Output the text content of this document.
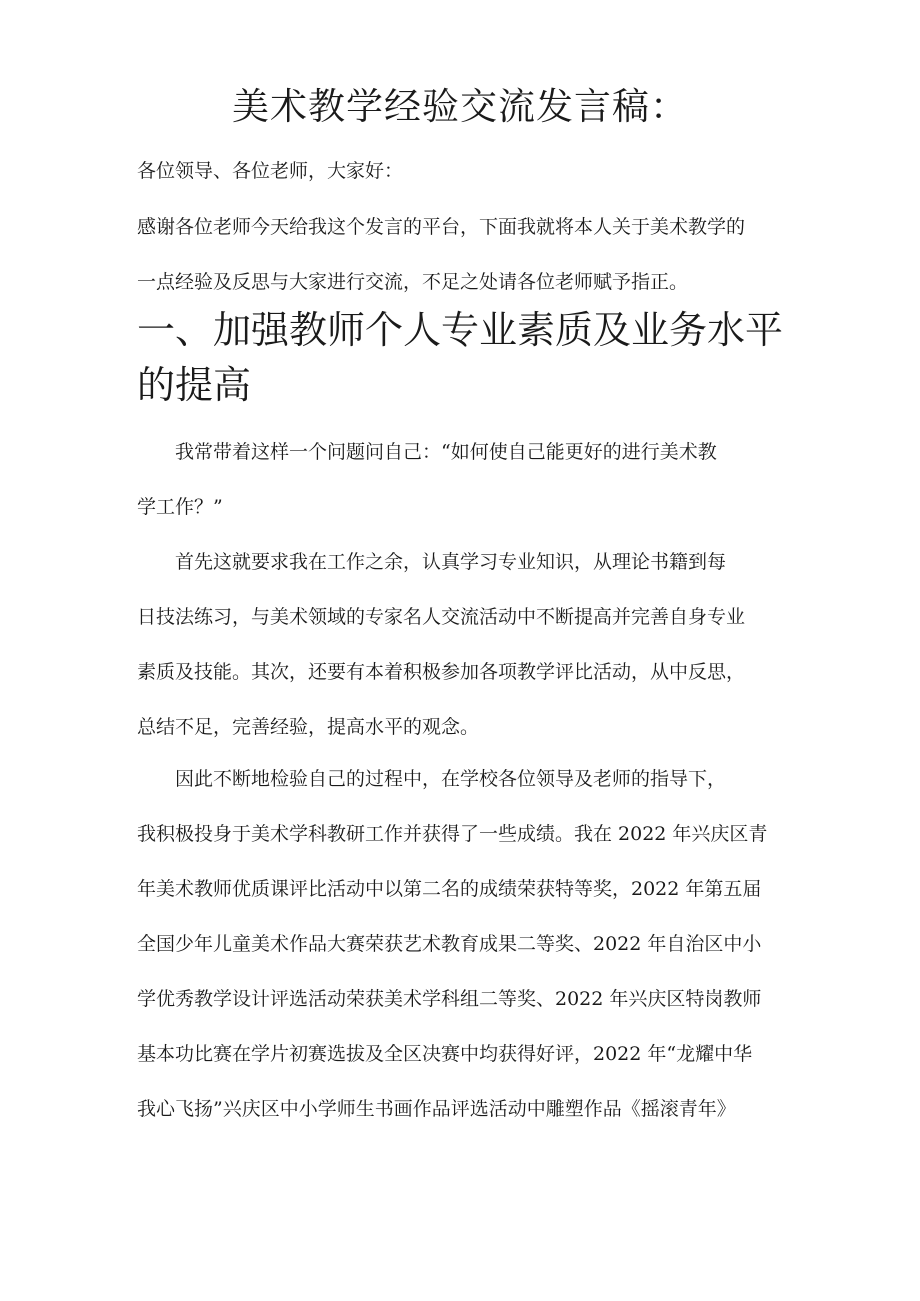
美术教学经验交流发言稿：

各位领导、各位老师，大家好：

感谢各位老师今天给我这个发言的平台，下面我就将本人关于美术教学的
一点经验及反思与大家进行交流，不足之处请各位老师赋予指正。

一、加强教师个人专业素质及业务水平
的提高

　　我常带着这样一个问题问自己：“如何使自己能更好的进行美术教
学工作？”

　　首先这就要求我在工作之余，认真学习专业知识，从理论书籍到每
日技法练习，与美术领域的专家名人交流活动中不断提高并完善自身专业
素质及技能。其次，还要有本着积极参加各项教学评比活动，从中反思，
总结不足，完善经验，提高水平的观念。

　　因此不断地检验自己的过程中，在学校各位领导及老师的指导下，
我积极投身于美术学科教研工作并获得了一些成绩。我在 2022 年兴庆区青
年美术教师优质课评比活动中以第二名的成绩荣获特等奖，2022 年第五届
全国少年儿童美术作品大赛荣获艺术教育成果二等奖、2022 年自治区中小
学优秀教学设计评选活动荣获美术学科组二等奖、2022 年兴庆区特岗教师
基本功比赛在学片初赛选拔及全区决赛中均获得好评，2022 年“龙耀中华
我心飞扬”兴庆区中小学师生书画作品评选活动中雕塑作品《摇滚青年》
